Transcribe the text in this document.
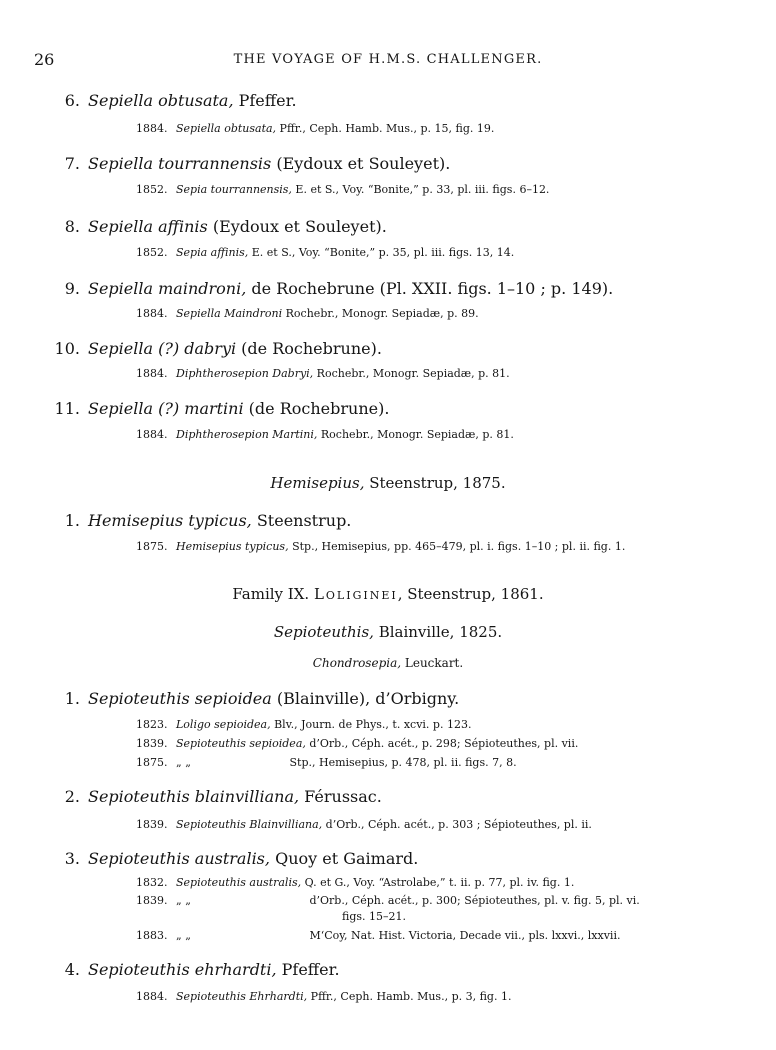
26	THE VOYAGE OF H.M.S. CHALLENGER.
6. Sepiella obtusata, Pfeffer.
1884. Sepiella obtusata, Pffr., Ceph. Hamb. Mus., p. 15, fig. 19.
7. Sepiella tourrannensis (Eydoux et Souleyet).
1852. Sepia tourrannensis, E. et S., Voy. “Bonite,” p. 33, pl. iii. figs. 6–12.
8. Sepiella affinis (Eydoux et Souleyet).
1852. Sepia affinis, E. et S., Voy. “Bonite,” p. 35, pl. iii. figs. 13, 14.
9. Sepiella maindroni, de Rochebrune (Pl. XXII. figs. 1–10 ; p. 149).
1884. Sepiella Maindroni Rochebr., Monogr. Sepiadæ, p. 89.
10. Sepiella (?) dabryi (de Rochebrune).
1884. Diphtherosepion Dabryi, Rochebr., Monogr. Sepiadæ, p. 81.
11. Sepiella (?) martini (de Rochebrune).
1884. Diphtherosepion Martini, Rochebr., Monogr. Sepiadæ, p. 81.
Hemisepius, Steenstrup, 1875.
1. Hemisepius typicus, Steenstrup.
1875. Hemisepius typicus, Stp., Hemisepius, pp. 465–479, pl. i. figs. 1–10 ; pl. ii. fig. 1.
Family IX. Loliginei, Steenstrup, 1861.
Sepioteuthis, Blainville, 1825.
Chondrosepia, Leuckart.
1. Sepioteuthis sepioidea (Blainville), d’Orbigny.
1823. Loligo sepioidea, Blv., Journ. de Phys., t. xcvi. p. 123.
1839. Sepioteuthis sepioidea, d’Orb., Céph. acét., p. 298; Sépioteuthes, pl. vii.
1875. „ „	Stp., Hemisepius, p. 478, pl. ii. figs. 7, 8.
2. Sepioteuthis blainvilliana, Férussac.
1839. Sepioteuthis Blainvilliana, d’Orb., Céph. acét., p. 303 ; Sépioteuthes, pl. ii.
3. Sepioteuthis australis, Quoy et Gaimard.
1832. Sepioteuthis australis, Q. et G., Voy. “Astrolabe,” t. ii. p. 77, pl. iv. fig. 1.
1839. „ „	d’Orb., Céph. acét., p. 300; Sépioteuthes, pl. v. fig. 5, pl. vi.
figs. 15–21.
1883. „ „	M‘Coy, Nat. Hist. Victoria, Decade vii., pls. lxxvi., lxxvii.
4. Sepioteuthis ehrhardti, Pfeffer.
1884. Sepioteuthis Ehrhardti, Pffr., Ceph. Hamb. Mus., p. 3, fig. 1.
